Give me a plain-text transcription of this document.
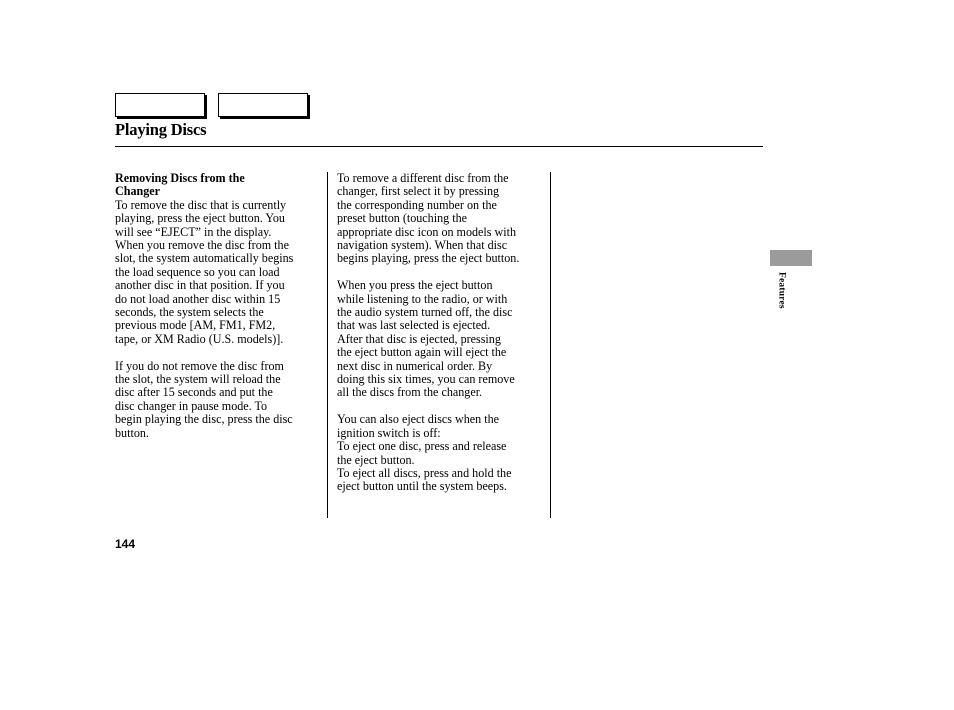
Playing Discs
Removing Discs from the
Changer

To remove the disc that is currently
playing, press the eject button. You
will see “EJECT” in the display.
When you remove the disc from the
slot, the system automatically begins
the load sequence so you can load
another disc in that position. If you
do not load another disc within 15
seconds, the system selects the
previous mode [AM, FM1, FM2,
tape, or XM Radio (U.S. models)].

If you do not remove the disc from
the slot, the system will reload the
disc after 15 seconds and put the
disc changer in pause mode. To
begin playing the disc, press the disc
button.

To remove a different disc from the
changer, first select it by pressing
the corresponding number on the
preset button (touching the
appropriate disc icon on models with
navigation system). When that disc
begins playing, press the eject button.

When you press the eject button
while listening to the radio, or with
the audio system turned off, the disc
that was last selected is ejected.
After that disc is ejected, pressing
the eject button again will eject the
next disc in numerical order. By
doing this six times, you can remove
all the discs from the changer.

You can also eject discs when the
ignition switch is off:

To eject one disc, press and release
the eject button.

To eject all discs, press and hold the
eject button until the system beeps.

Features
144
